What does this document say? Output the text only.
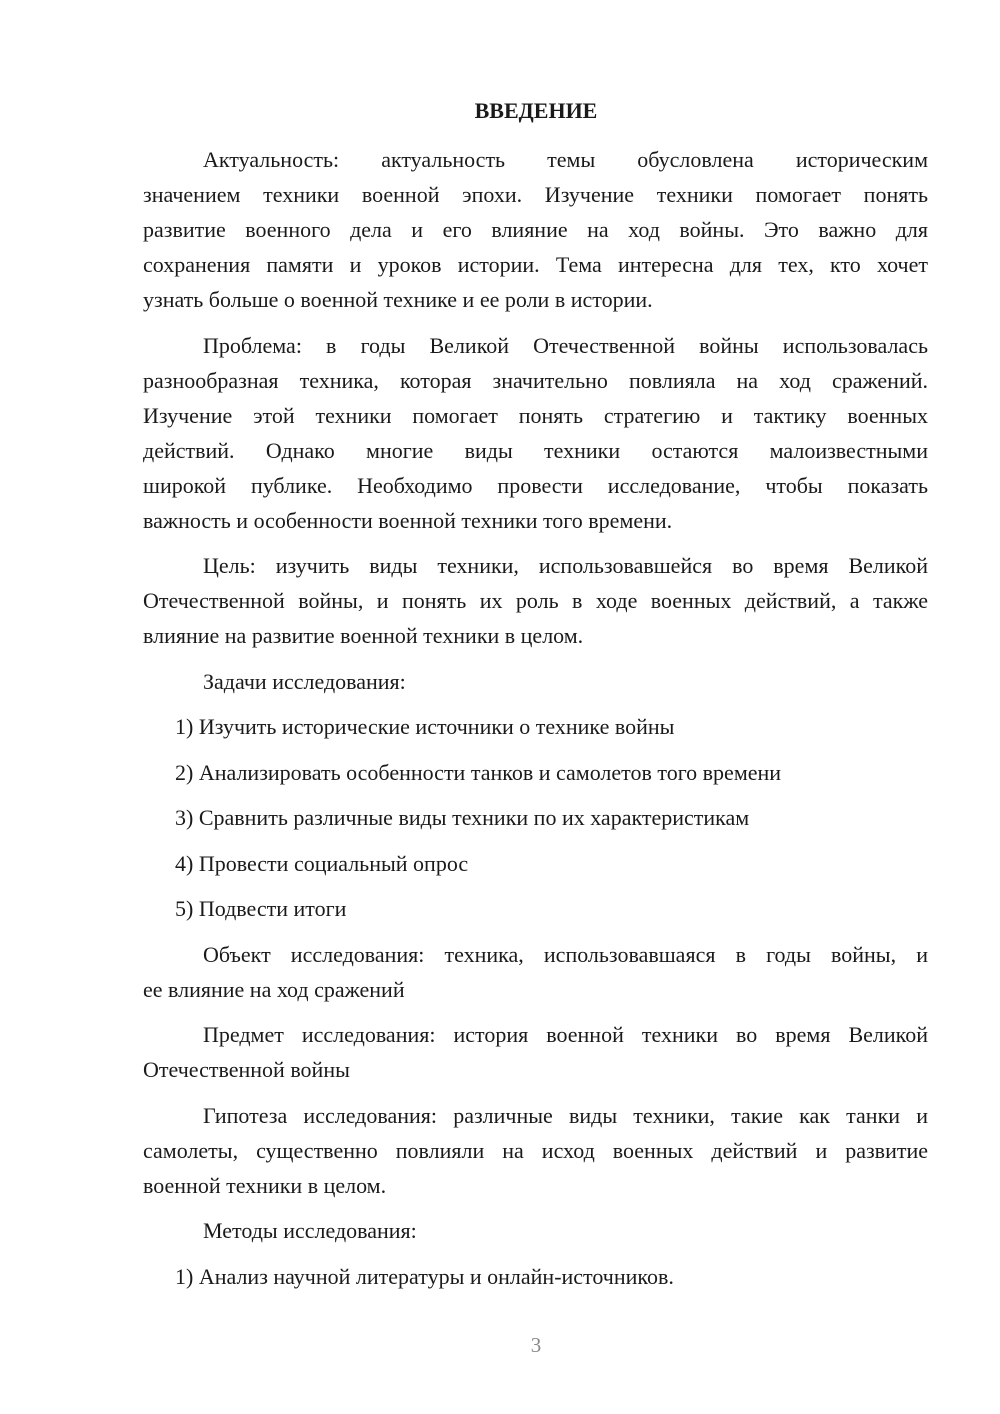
ВВЕДЕНИЕ
Актуальность: актуальность темы обусловлена историческим
значением техники военной эпохи. Изучение техники помогает понять
развитие военного дела и его влияние на ход войны. Это важно для
сохранения памяти и уроков истории. Тема интересна для тех, кто хочет
узнать больше о военной технике и ее роли в истории.
Проблема: в годы Великой Отечественной войны использовалась
разнообразная техника, которая значительно повлияла на ход сражений.
Изучение этой техники помогает понять стратегию и тактику военных
действий. Однако многие виды техники остаются малоизвестными
широкой публике. Необходимо провести исследование, чтобы показать
важность и особенности военной техники того времени.
Цель: изучить виды техники, использовавшейся во время Великой
Отечественной войны, и понять их роль в ходе военных действий, а также
влияние на развитие военной техники в целом.
Задачи исследования:
1) Изучить исторические источники о технике войны
2) Анализировать особенности танков и самолетов того времени
3) Сравнить различные виды техники по их характеристикам
4) Провести социальный опрос
5) Подвести итоги
Объект исследования: техника, использовавшаяся в годы войны, и
ее влияние на ход сражений
Предмет исследования: история военной техники во время Великой
Отечественной войны
Гипотеза исследования: различные виды техники, такие как танки и
самолеты, существенно повлияли на исход военных действий и развитие
военной техники в целом.
Методы исследования:
1) Анализ научной литературы и онлайн-источников.
3
